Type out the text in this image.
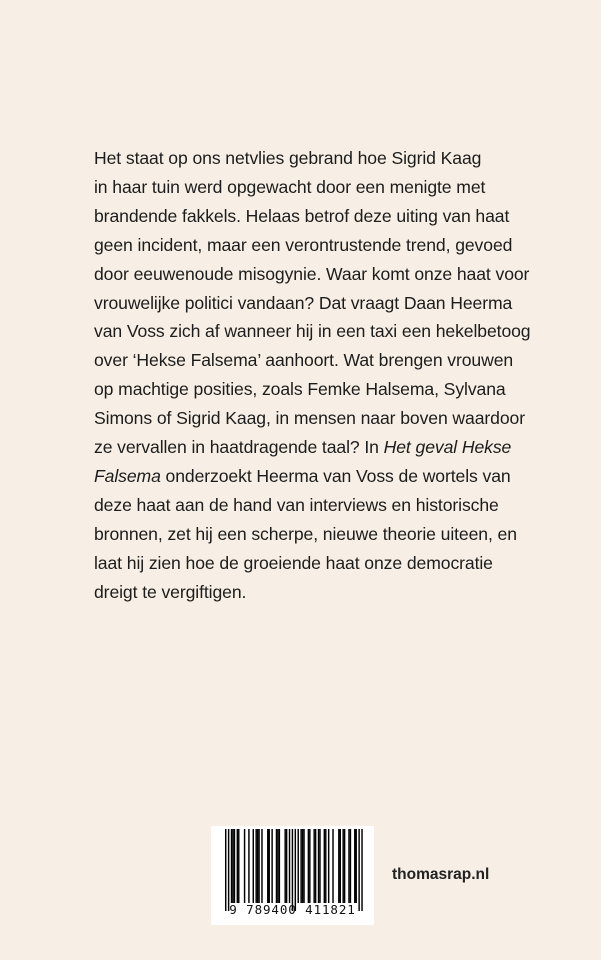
Het staat op ons netvlies gebrand hoe Sigrid Kaag
in haar tuin werd opgewacht door een menigte met
brandende fakkels. Helaas betrof deze uiting van haat
geen incident, maar een verontrustende trend, gevoed
door eeuwenoude misogynie. Waar komt onze haat voor
vrouwelijke politici vandaan? Dat vraagt Daan Heerma
van Voss zich af wanneer hij in een taxi een hekelbetoog
over ‘Hekse Falsema’ aanhoort. Wat brengen vrouwen
op machtige posities, zoals Femke Halsema, Sylvana
Simons of Sigrid Kaag, in mensen naar boven waardoor
ze vervallen in haatdragende taal? In Het geval Hekse
Falsema onderzoekt Heerma van Voss de wortels van
deze haat aan de hand van interviews en historische
bronnen, zet hij een scherpe, nieuwe theorie uiteen, en
laat hij zien hoe de groeiende haat onze democratie
dreigt te vergiftigen.
9 789400 411821
thomasrap.nl
